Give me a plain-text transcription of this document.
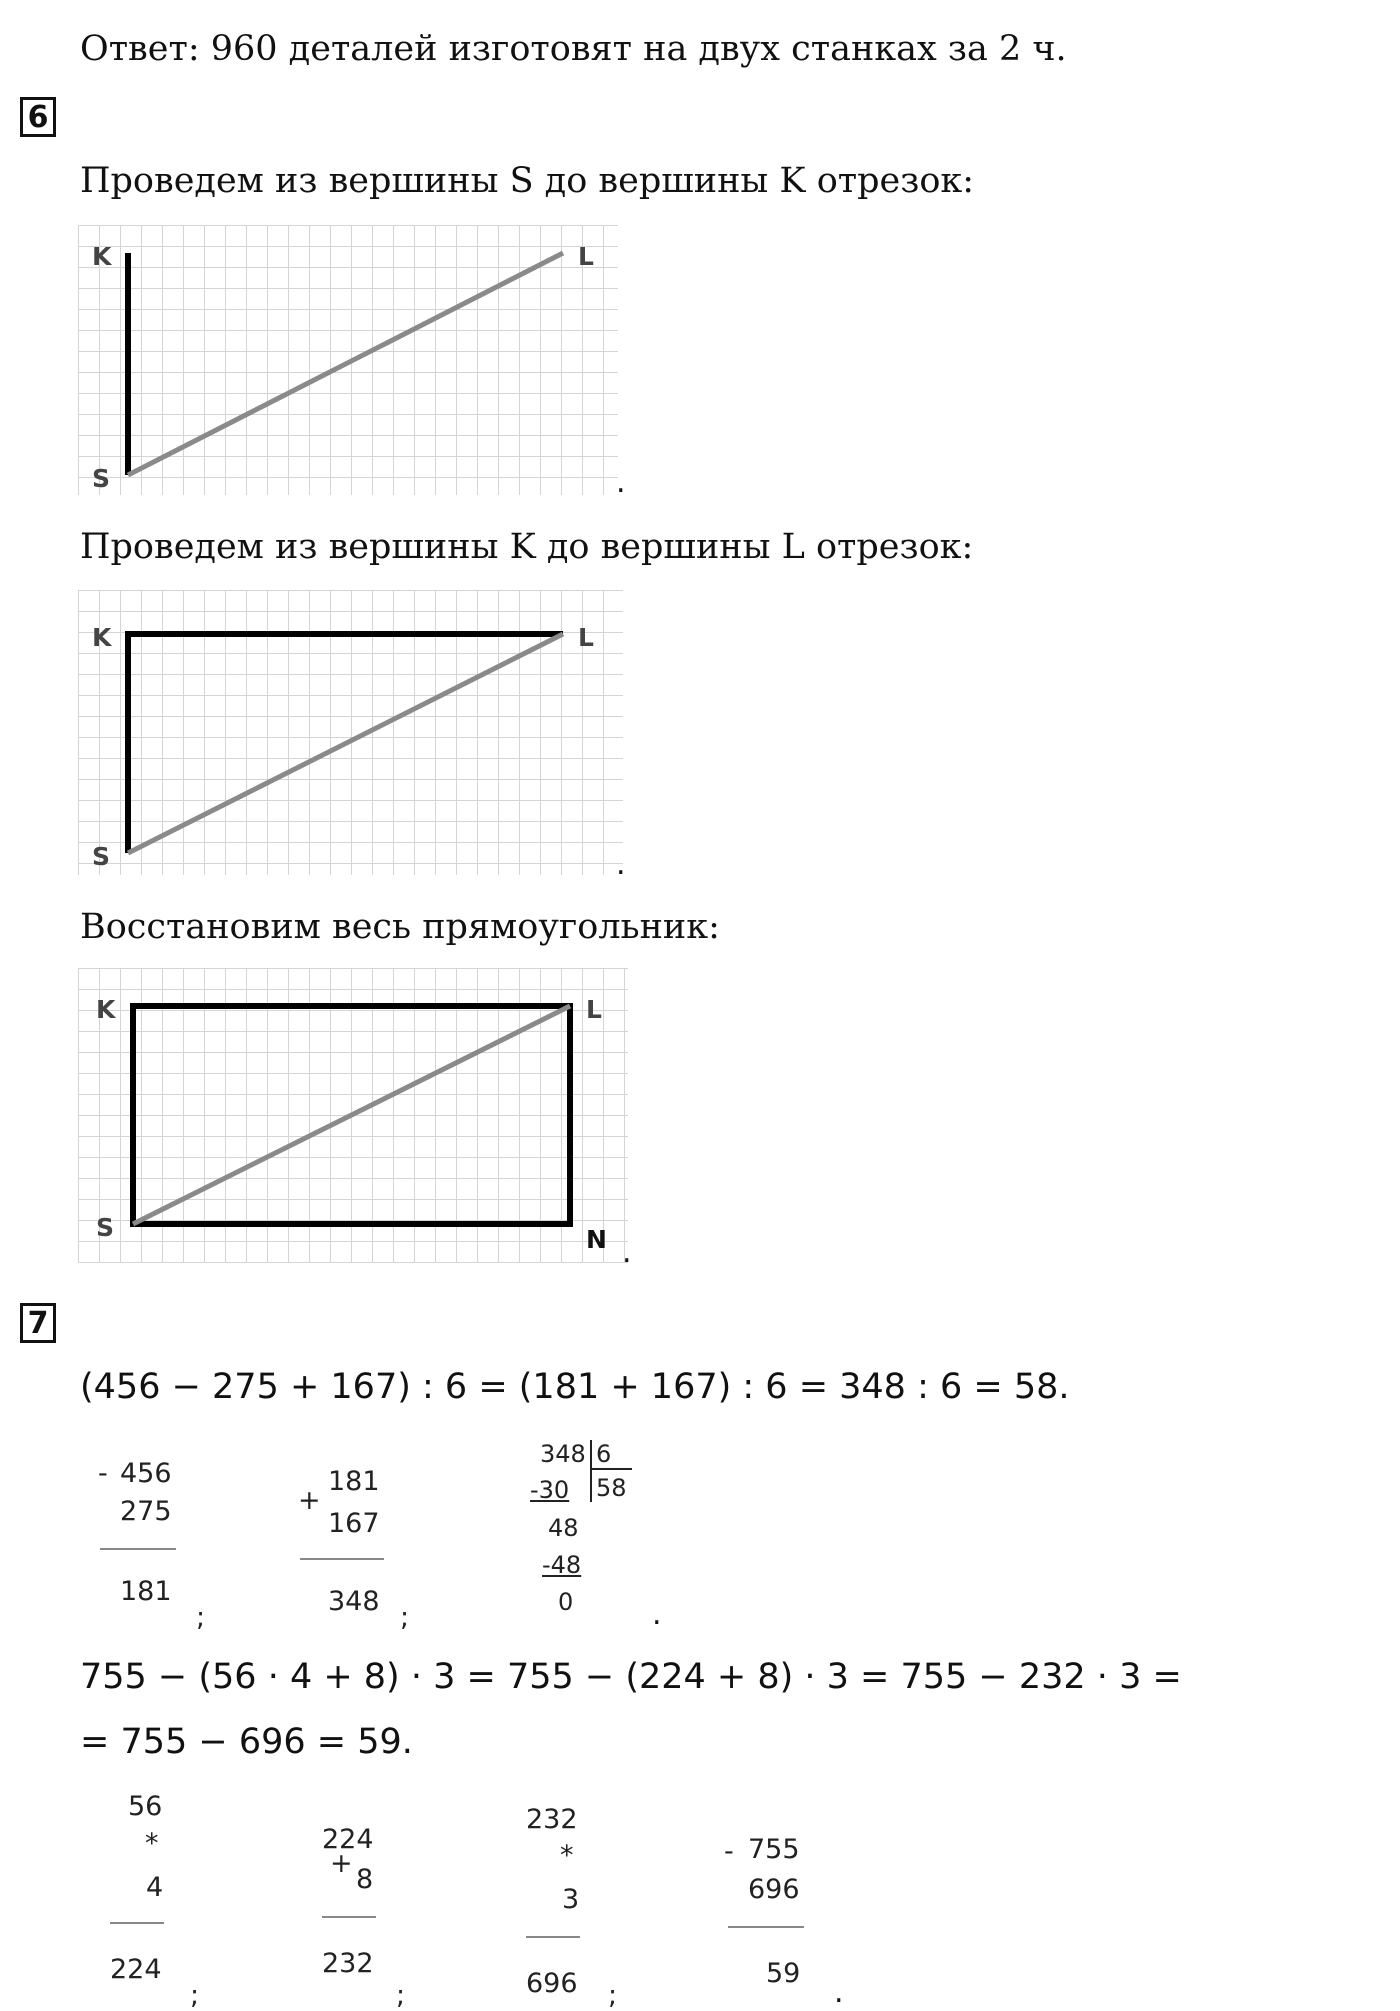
Ответ: 960 деталей изготовят на двух станках за 2 ч.
6
Проведем из вершины S до вершины K отрезок:
K	L
S	.
Проведем из вершины K до вершины L отрезок:
K	L
S	.
Восстановим весь прямоугольник:
K	L
S	N .
7
(456 − 275 + 167) : 6 = (181 + 167) : 6 = 348 : 6 = 58.
- 456
275
181
;
+
181
167
348
;
348 6
58
-30
48
-48
0	.
755 − (56 · 4 + 8) · 3 = 755 − (224 + 8) · 3 = 755 − 232 · 3 =
= 755 − 696 = 59.
56
*
4
224
;
224
+
8
232
;
232
*
3
696 ;
- 755
696
59
.
